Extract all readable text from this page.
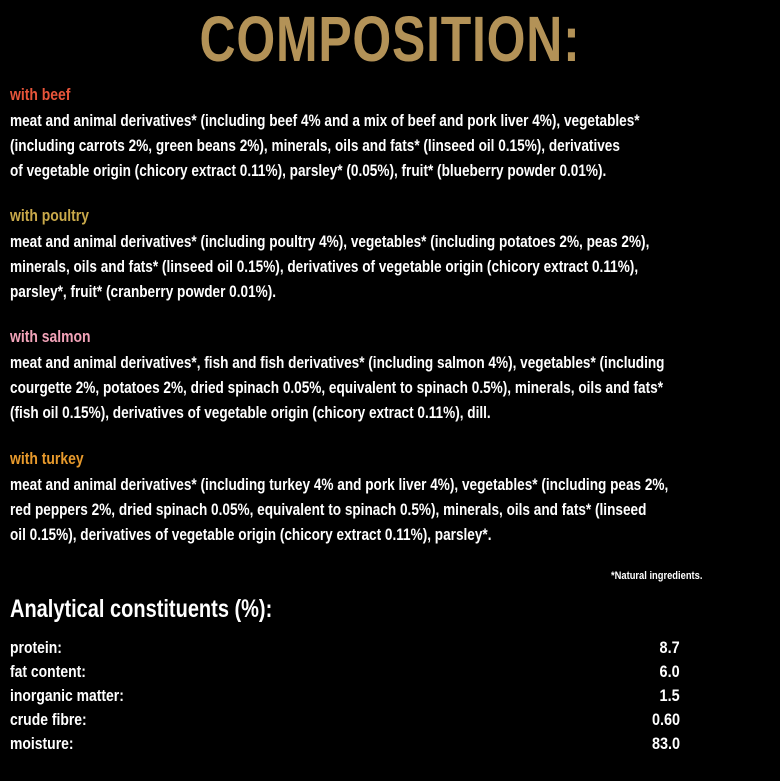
COMPOSITION:
with beef
meat and animal derivatives* (including beef 4% and a mix of beef and pork liver 4%), vegetables*
(including carrots 2%, green beans 2%), minerals, oils and fats* (linseed oil 0.15%), derivatives
of vegetable origin (chicory extract 0.11%), parsley* (0.05%), fruit* (blueberry powder 0.01%).
with poultry
meat and animal derivatives* (including poultry 4%), vegetables* (including potatoes 2%, peas 2%),
minerals, oils and fats* (linseed oil 0.15%), derivatives of vegetable origin (chicory extract 0.11%),
parsley*, fruit* (cranberry powder 0.01%).
with salmon
meat and animal derivatives*, fish and fish derivatives* (including salmon 4%), vegetables* (including
courgette 2%, potatoes 2%, dried spinach 0.05%, equivalent to spinach 0.5%), minerals, oils and fats*
(fish oil 0.15%), derivatives of vegetable origin (chicory extract 0.11%), dill.
with turkey
meat and animal derivatives* (including turkey 4% and pork liver 4%), vegetables* (including peas 2%,
red peppers 2%, dried spinach 0.05%, equivalent to spinach 0.5%), minerals, oils and fats* (linseed
oil 0.15%), derivatives of vegetable origin (chicory extract 0.11%), parsley*.
*Natural ingredients.
Analytical constituents (%):
protein:	8.7
fat content:	6.0
inorganic matter:	1.5
crude fibre:	0.60
moisture:	83.0
